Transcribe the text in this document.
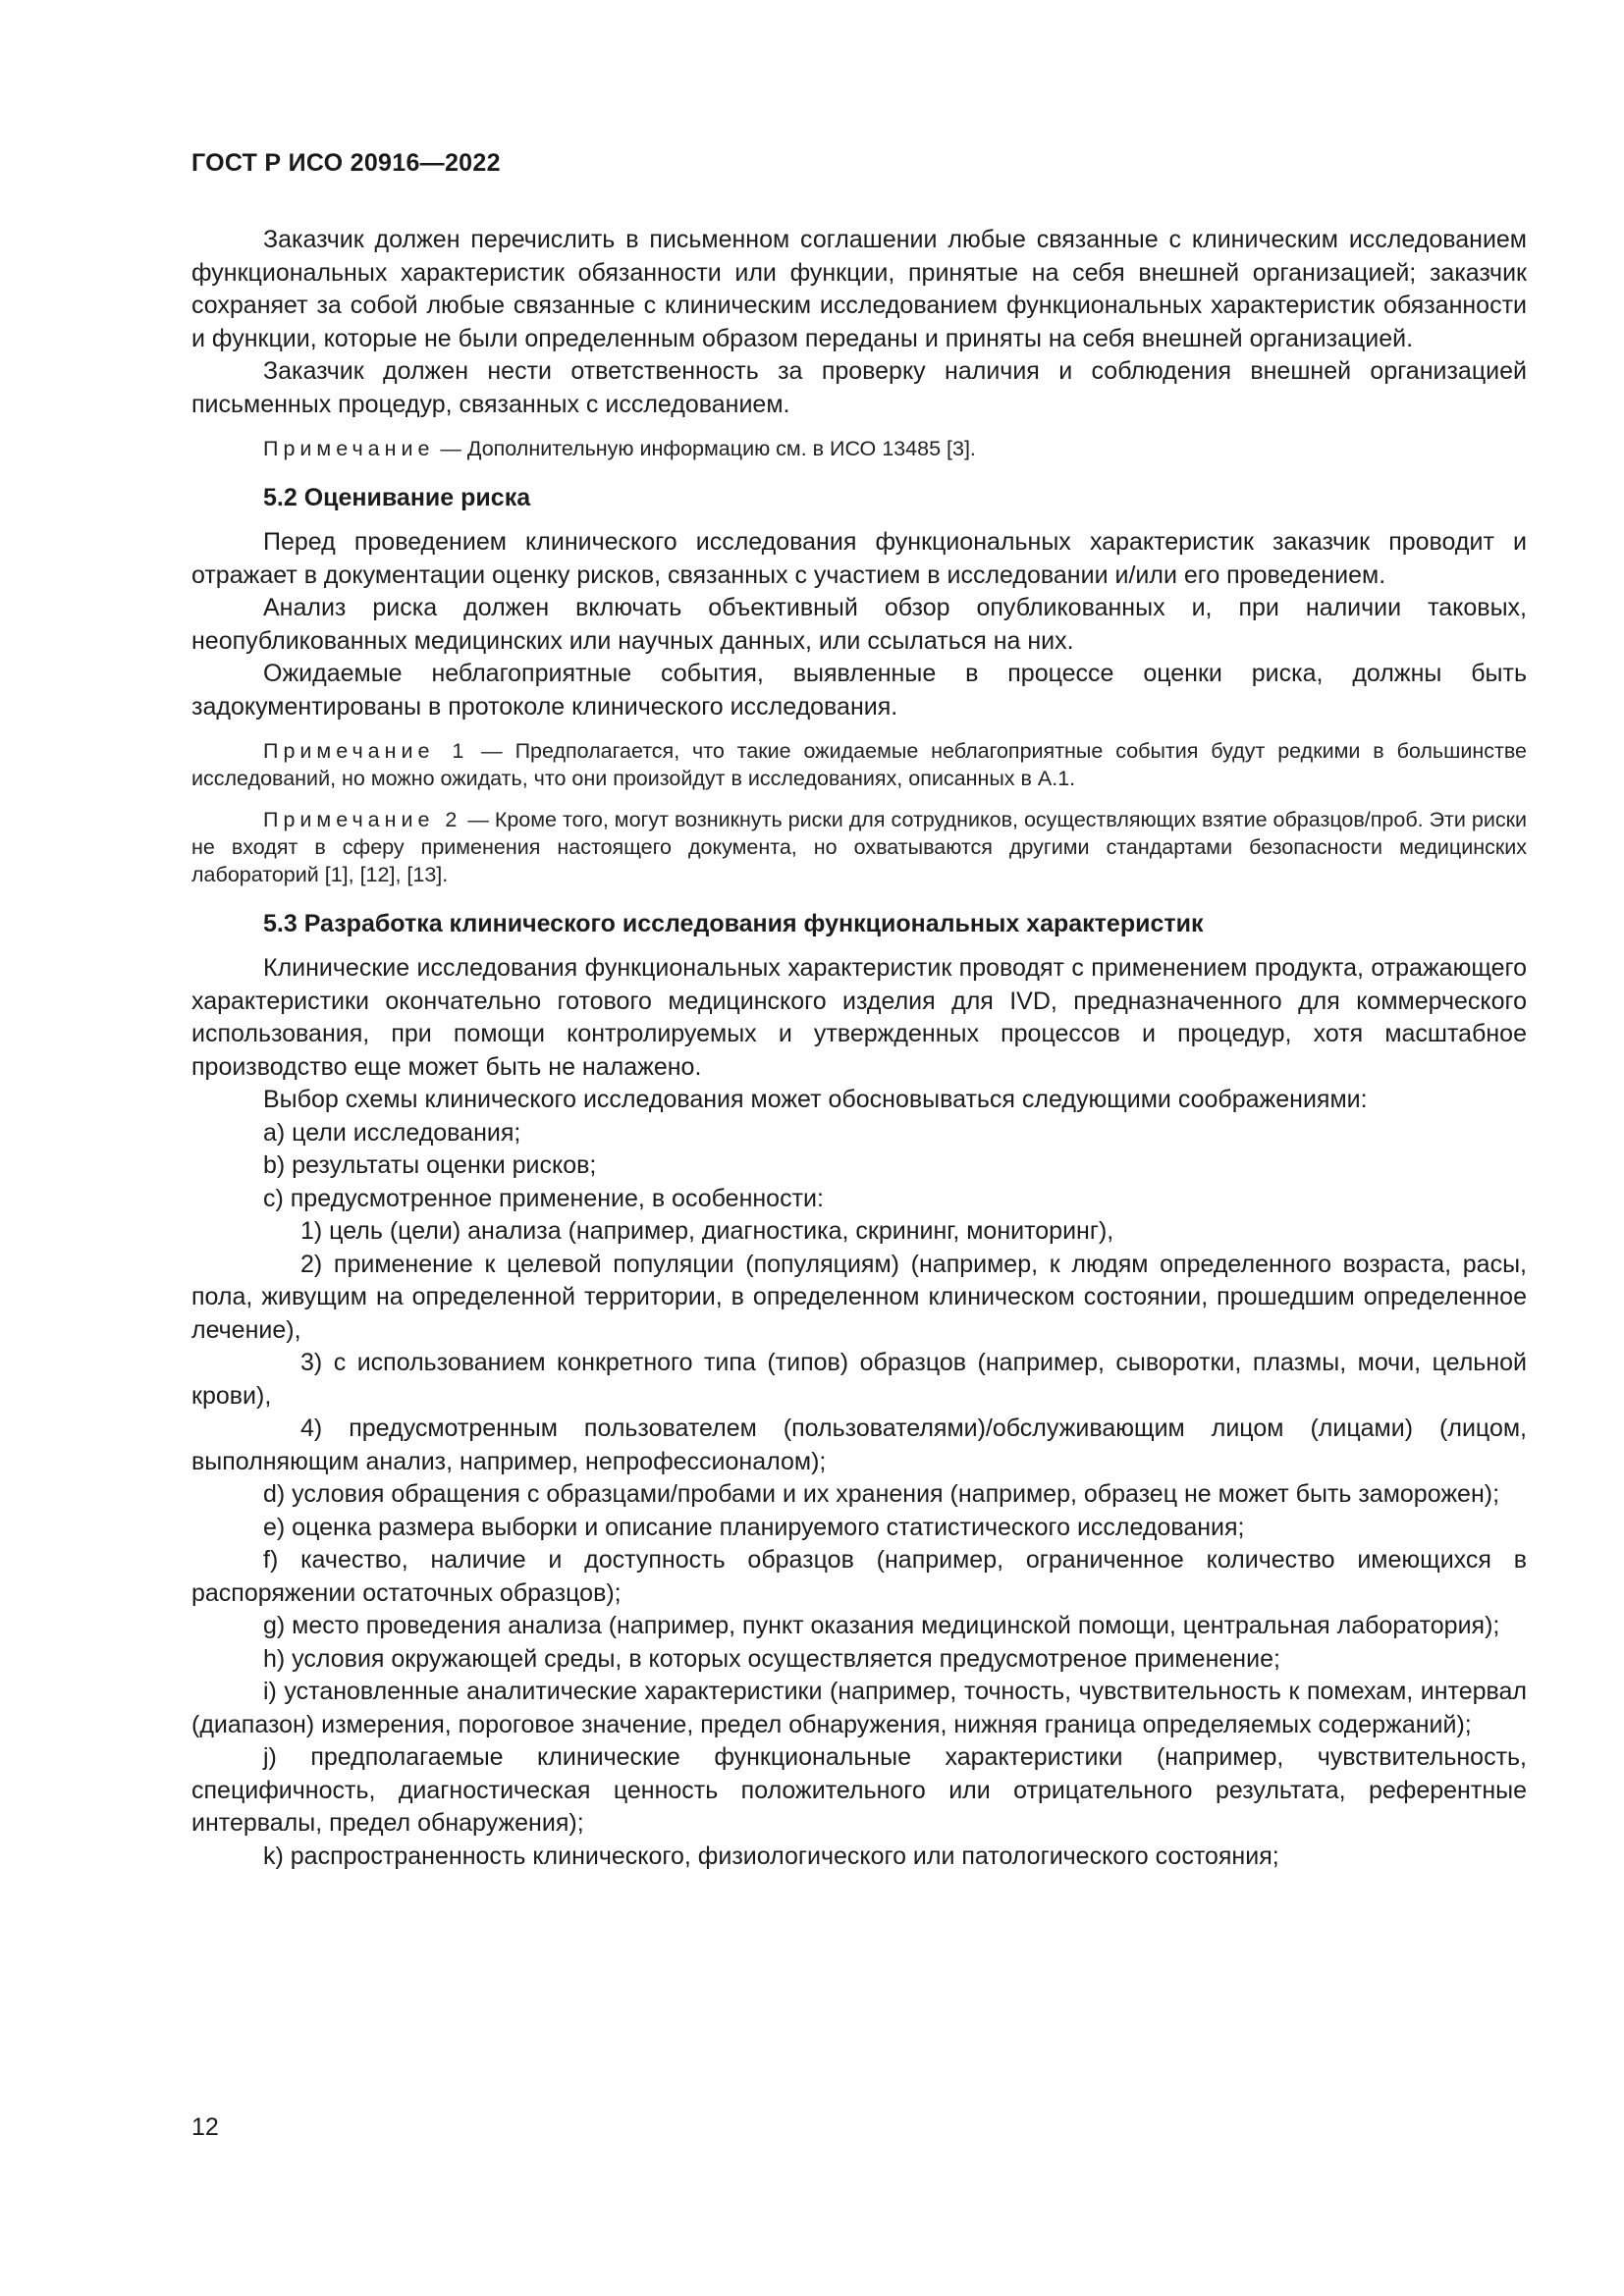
ГОСТ Р ИСО 20916—2022

Заказчик должен перечислить в письменном соглашении любые связанные с клиническим исследованием функциональных характеристик обязанности или функции, принятые на себя внешней организацией; заказчик сохраняет за собой любые связанные с клиническим исследованием функциональных характеристик обязанности и функции, которые не были определенным образом переданы и приняты на себя внешней организацией.

Заказчик должен нести ответственность за проверку наличия и соблюдения внешней организацией письменных процедур, связанных с исследованием.

Примечание — Дополнительную информацию см. в ИСО 13485 [3].

5.2 Оценивание риска

Перед проведением клинического исследования функциональных характеристик заказчик проводит и отражает в документации оценку рисков, связанных с участием в исследовании и/или его проведением.

Анализ риска должен включать объективный обзор опубликованных и, при наличии таковых, неопубликованных медицинских или научных данных, или ссылаться на них.

Ожидаемые неблагоприятные события, выявленные в процессе оценки риска, должны быть задокументированы в протоколе клинического исследования.

Примечание 1 — Предполагается, что такие ожидаемые неблагоприятные события будут редкими в большинстве исследований, но можно ожидать, что они произойдут в исследованиях, описанных в А.1.

Примечание 2 — Кроме того, могут возникнуть риски для сотрудников, осуществляющих взятие образцов/проб. Эти риски не входят в сферу применения настоящего документа, но охватываются другими стандартами безопасности медицинских лабораторий [1], [12], [13].

5.3 Разработка клинического исследования функциональных характеристик

Клинические исследования функциональных характеристик проводят с применением продукта, отражающего характеристики окончательно готового медицинского изделия для IVD, предназначенного для коммерческого использования, при помощи контролируемых и утвержденных процессов и процедур, хотя масштабное производство еще может быть не налажено.

Выбор схемы клинического исследования может обосновываться следующими соображениями:

a) цели исследования;

b) результаты оценки рисков;

c) предусмотренное применение, в особенности:

1) цель (цели) анализа (например, диагностика, скрининг, мониторинг),

2) применение к целевой популяции (популяциям) (например, к людям определенного возраста, расы, пола, живущим на определенной территории, в определенном клиническом состоянии, прошедшим определенное лечение),

3) с использованием конкретного типа (типов) образцов (например, сыворотки, плазмы, мочи, цельной крови),

4) предусмотренным пользователем (пользователями)/обслуживающим лицом (лицами) (лицом, выполняющим анализ, например, непрофессионалом);

d) условия обращения с образцами/пробами и их хранения (например, образец не может быть заморожен);

e) оценка размера выборки и описание планируемого статистического исследования;

f) качество, наличие и доступность образцов (например, ограниченное количество имеющихся в распоряжении остаточных образцов);

g) место проведения анализа (например, пункт оказания медицинской помощи, центральная лаборатория);

h) условия окружающей среды, в которых осуществляется предусмотреное применение;

i) установленные аналитические характеристики (например, точность, чувствительность к помехам, интервал (диапазон) измерения, пороговое значение, предел обнаружения, нижняя граница определяемых содержаний);

j) предполагаемые клинические функциональные характеристики (например, чувствительность, специфичность, диагностическая ценность положительного или отрицательного результата, референтные интервалы, предел обнаружения);

k) распространенность клинического, физиологического или патологического состояния;

12
